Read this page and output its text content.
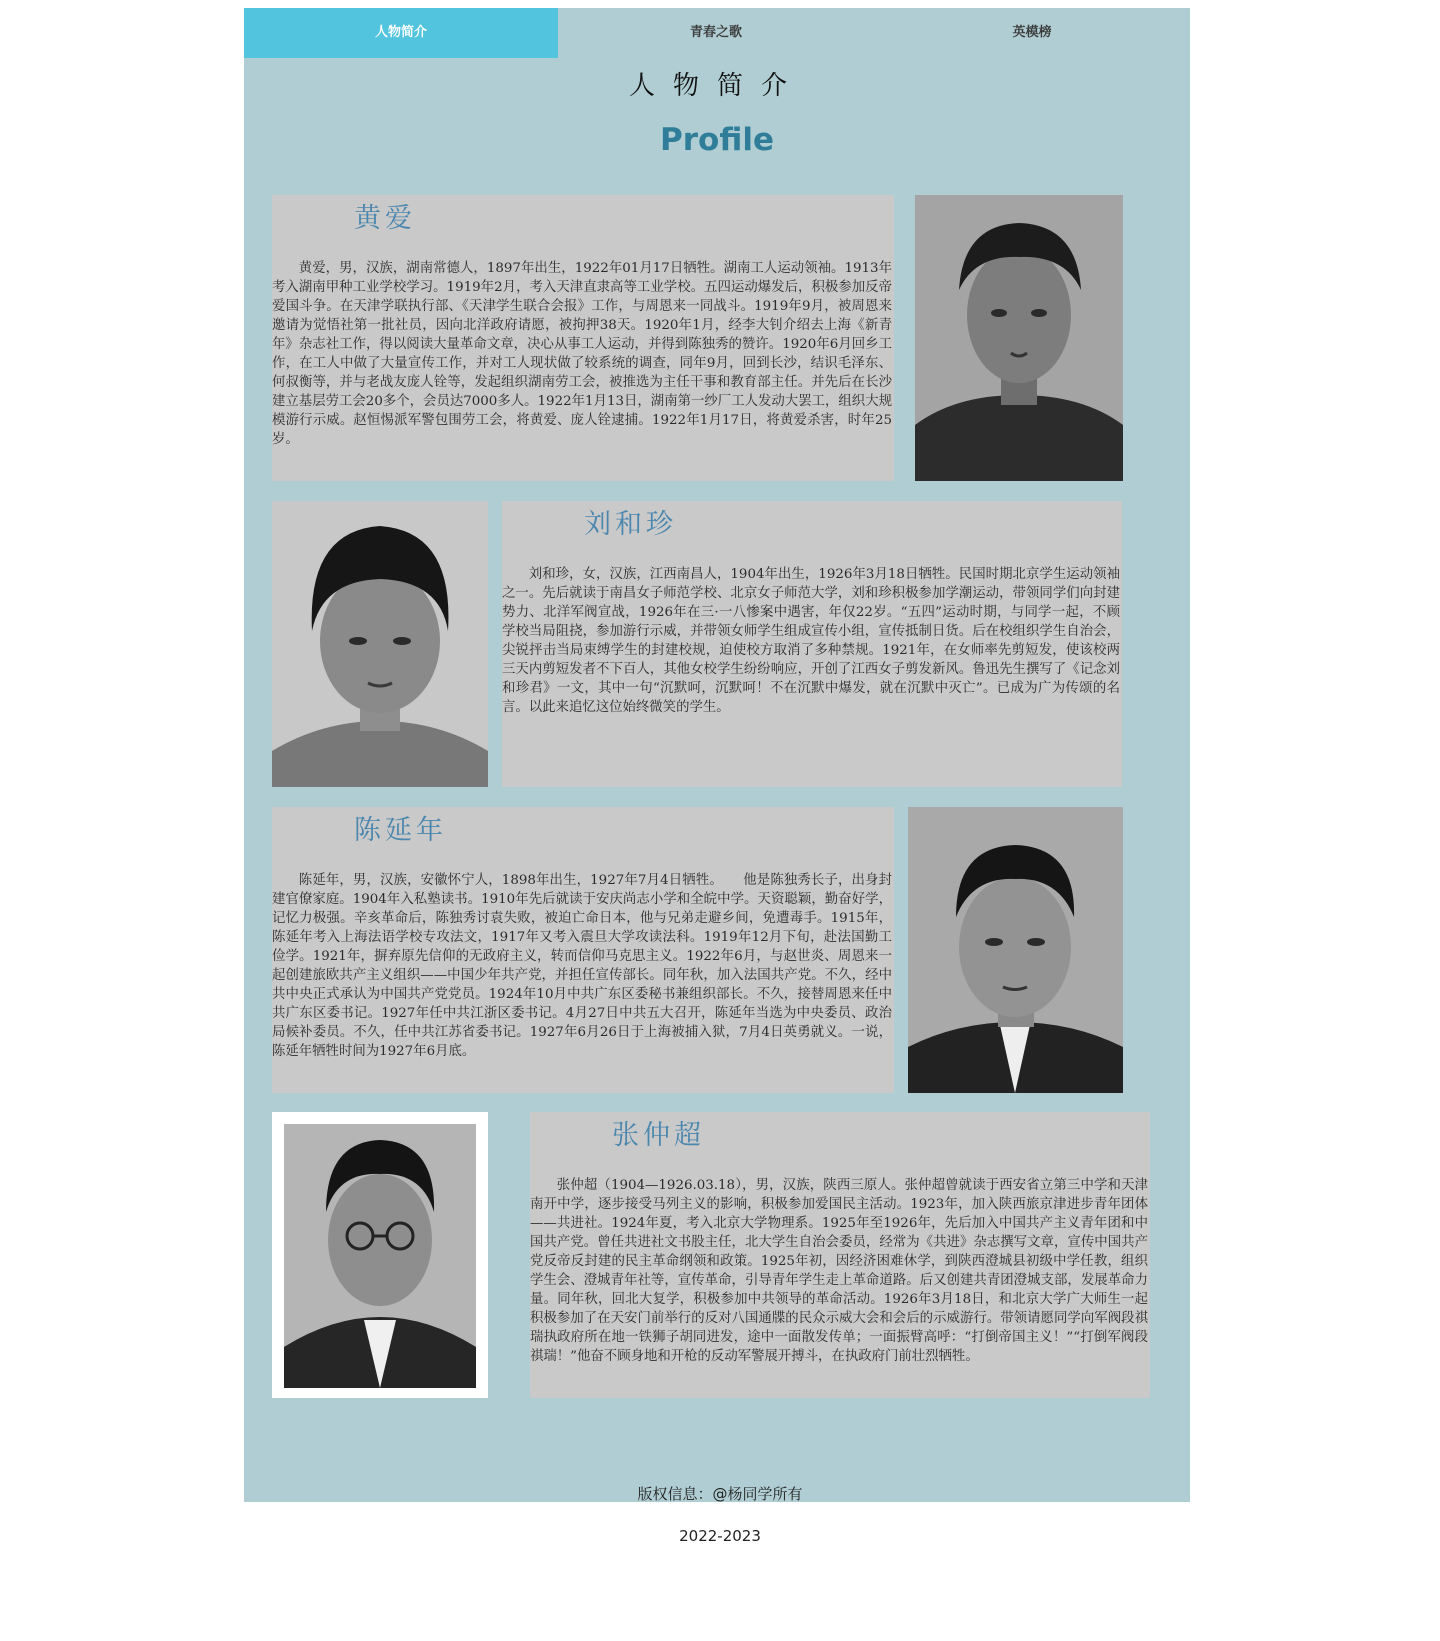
人物简介	青春之歌	英模榜
人物简介
Profile
黄爱

黄爱，男，汉族，湖南常德人，1897年出生，1922年01月17日牺牲。湖南工人运动领袖。1913年考入湖南甲种工业学校学习。1919年2月，考入天津直隶高等工业学校。五四运动爆发后，积极参加反帝爱国斗争。在天津学联执行部、《天津学生联合会报》工作，与周恩来一同战斗。1919年9月，被周恩来邀请为觉悟社第一批社员，因向北洋政府请愿，被拘押38天。1920年1月，经李大钊介绍去上海《新青年》杂志社工作，得以阅读大量革命文章，决心从事工人运动，并得到陈独秀的赞许。1920年6月回乡工作，在工人中做了大量宣传工作，并对工人现状做了较系统的调查，同年9月，回到长沙，结识毛泽东、何叔衡等，并与老战友庞人铨等，发起组织湖南劳工会，被推选为主任干事和教育部主任。并先后在长沙建立基层劳工会20多个，会员达7000多人。1922年1月13日，湖南第一纱厂工人发动大罢工，组织大规模游行示威。赵恒惕派军警包围劳工会，将黄爱、庞人铨逮捕。1922年1月17日，将黄爱杀害，时年25岁。

刘和珍

刘和珍，女，汉族，江西南昌人，1904年出生，1926年3月18日牺牲。民国时期北京学生运动领袖之一。先后就读于南昌女子师范学校、北京女子师范大学，刘和珍积极参加学潮运动，带领同学们向封建势力、北洋军阀宣战，1926年在三·一八惨案中遇害，年仅22岁。“五四”运动时期，与同学一起，不顾学校当局阻挠，参加游行示威，并带领女师学生组成宣传小组，宣传抵制日货。后在校组织学生自治会，尖锐抨击当局束缚学生的封建校规，迫使校方取消了多种禁规。1921年，在女师率先剪短发，使该校两三天内剪短发者不下百人，其他女校学生纷纷响应，开创了江西女子剪发新风。鲁迅先生撰写了《记念刘和珍君》一文，其中一句“沉默呵，沉默呵！不在沉默中爆发，就在沉默中灭亡”。已成为广为传颂的名言。以此来追忆这位始终微笑的学生。

陈延年

陈延年，男，汉族，安徽怀宁人，1898年出生，1927年7月4日牺牲。　　他是陈独秀长子，出身封建官僚家庭。1904年入私塾读书。1910年先后就读于安庆尚志小学和全皖中学。天资聪颖，勤奋好学，记忆力极强。辛亥革命后，陈独秀讨袁失败，被迫亡命日本，他与兄弟走避乡间，免遭毒手。1915年，陈延年考入上海法语学校专攻法文，1917年又考入震旦大学攻读法科。1919年12月下旬，赴法国勤工俭学。1921年，摒弃原先信仰的无政府主义，转而信仰马克思主义。1922年6月，与赵世炎、周恩来一起创建旅欧共产主义组织——中国少年共产党，并担任宣传部长。同年秋，加入法国共产党。不久，经中共中央正式承认为中国共产党党员。1924年10月中共广东区委秘书兼组织部长。不久，接替周恩来任中共广东区委书记。1927年任中共江浙区委书记。4月27日中共五大召开，陈延年当选为中央委员、政治局候补委员。不久，任中共江苏省委书记。1927年6月26日于上海被捕入狱，7月4日英勇就义。一说，陈延年牺牲时间为1927年6月底。

张仲超

张仲超（1904—1926.03.18），男，汉族，陕西三原人。张仲超曾就读于西安省立第三中学和天津南开中学，逐步接受马列主义的影响，积极参加爱国民主活动。1923年，加入陕西旅京津进步青年团体——共进社。1924年夏，考入北京大学物理系。1925年至1926年，先后加入中国共产主义青年团和中国共产党。曾任共进社文书股主任，北大学生自治会委员，经常为《共进》杂志撰写文章，宣传中国共产党反帝反封建的民主革命纲领和政策。1925年初，因经济困难休学，到陕西澄城县初级中学任教，组织学生会、澄城青年社等，宣传革命，引导青年学生走上革命道路。后又创建共青团澄城支部，发展革命力量。同年秋，回北大复学，积极参加中共领导的革命活动。1926年3月18日，和北京大学广大师生一起积极参加了在天安门前举行的反对八国通牒的民众示威大会和会后的示威游行。带领请愿同学向军阀段祺瑞执政府所在地一铁狮子胡同进发，途中一面散发传单；一面振臂高呼：“打倒帝国主义！”“打倒军阀段祺瑞！”他奋不顾身地和开枪的反动军警展开搏斗，在执政府门前壮烈牺牲。

版权信息：@杨同学所有
2022-2023
